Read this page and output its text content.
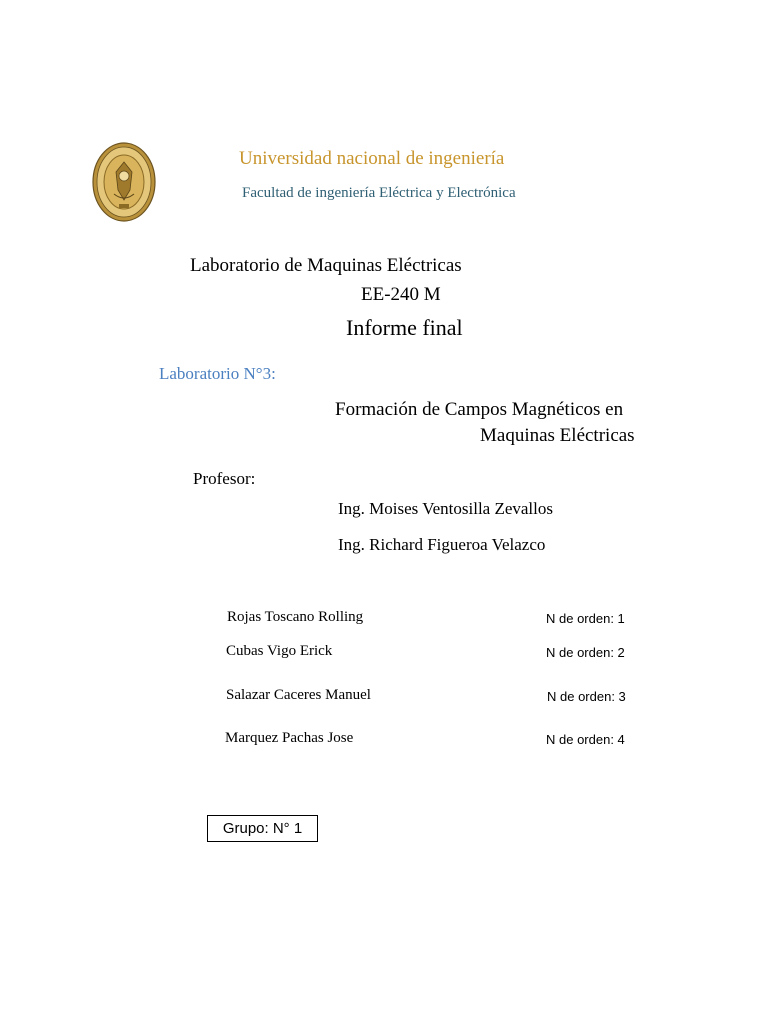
Universidad nacional de ingeniería
Facultad de ingeniería Eléctrica y Electrónica
Laboratorio de Maquinas Eléctricas
EE-240 M
Informe final
Laboratorio N°3:
Formación de Campos Magnéticos en
Maquinas Eléctricas
Profesor:
Ing. Moises Ventosilla Zevallos
Ing. Richard Figueroa Velazco
Rojas Toscano Rolling	N de orden: 1
Cubas Vigo Erick	N de orden: 2
Salazar Caceres Manuel	N de orden: 3
Marquez Pachas Jose	N de orden: 4
Grupo: N° 1
